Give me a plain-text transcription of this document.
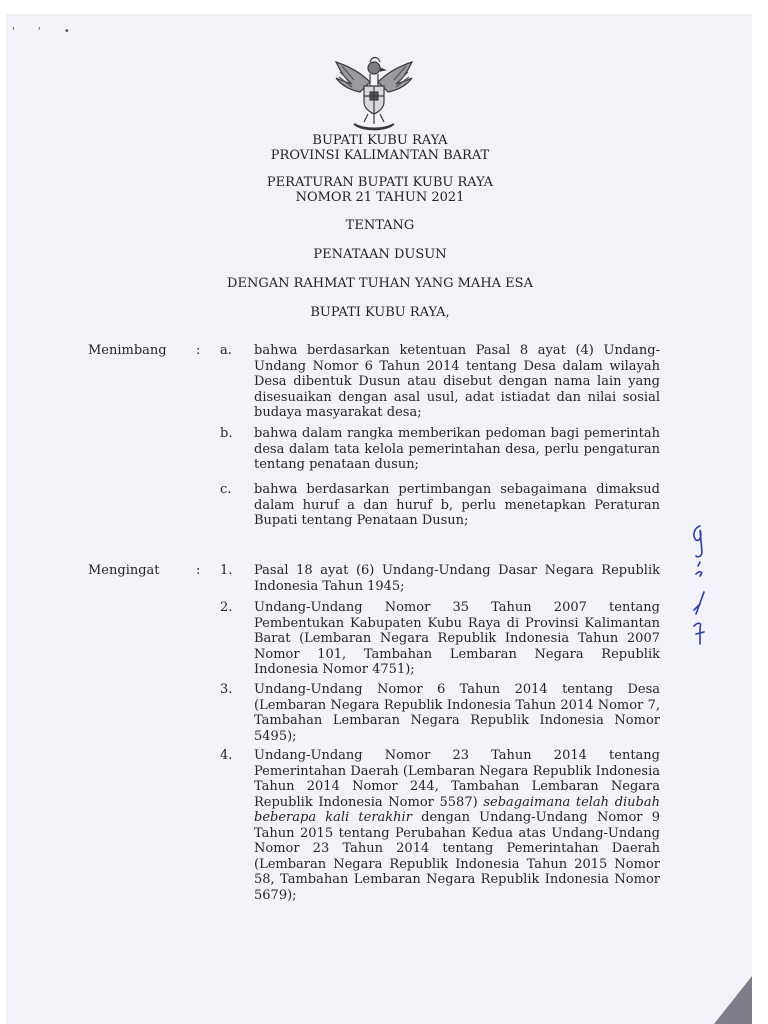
' ' •
BUPATI KUBU RAYA
PROVINSI KALIMANTAN BARAT
PERATURAN BUPATI KUBU RAYA
NOMOR 21 TAHUN 2021
TENTANG
PENATAAN DUSUN
DENGAN RAHMAT TUHAN YANG MAHA ESA
BUPATI KUBU RAYA,
Menimbang : a.	bahwa berdasarkan ketentuan Pasal 8 ayat (4) Undang-Undang Nomor 6 Tahun 2014 tentang Desa dalam wilayah Desa dibentuk Dusun atau disebut dengan nama lain yang disesuaikan dengan asal usul, adat istiadat dan nilai sosial budaya masyarakat desa;
b.	bahwa dalam rangka memberikan pedoman bagi pemerintah desa dalam tata kelola pemerintahan desa, perlu pengaturan tentang penataan dusun;
c.	bahwa berdasarkan pertimbangan sebagaimana dimaksud dalam huruf a dan huruf b, perlu menetapkan Peraturan Bupati tentang Penataan Dusun;
Mengingat	: 1.	Pasal 18 ayat (6) Undang-Undang Dasar Negara Republik Indonesia Tahun 1945;
2.	Undang-Undang Nomor 35 Tahun 2007 tentang Pembentukan Kabupaten Kubu Raya di Provinsi Kalimantan Barat (Lembaran Negara Republik Indonesia Tahun 2007 Nomor 101, Tambahan Lembaran Negara Republik Indonesia Nomor 4751);
3.	Undang-Undang Nomor 6 Tahun 2014 tentang Desa (Lembaran Negara Republik Indonesia Tahun 2014 Nomor 7, Tambahan Lembaran Negara Republik Indonesia Nomor 5495);
4.	Undang-Undang Nomor 23 Tahun 2014 tentang Pemerintahan Daerah (Lembaran Negara Republik Indonesia Tahun 2014 Nomor 244, Tambahan Lembaran Negara Republik Indonesia Nomor 5587) sebagaimana telah diubah beberapa kali terakhir dengan Undang-Undang Nomor 9 Tahun 2015 tentang Perubahan Kedua atas Undang-Undang Nomor 23 Tahun 2014 tentang Pemerintahan Daerah (Lembaran Negara Republik Indonesia Tahun 2015 Nomor 58, Tambahan Lembaran Negara Republik Indonesia Nomor 5679);
